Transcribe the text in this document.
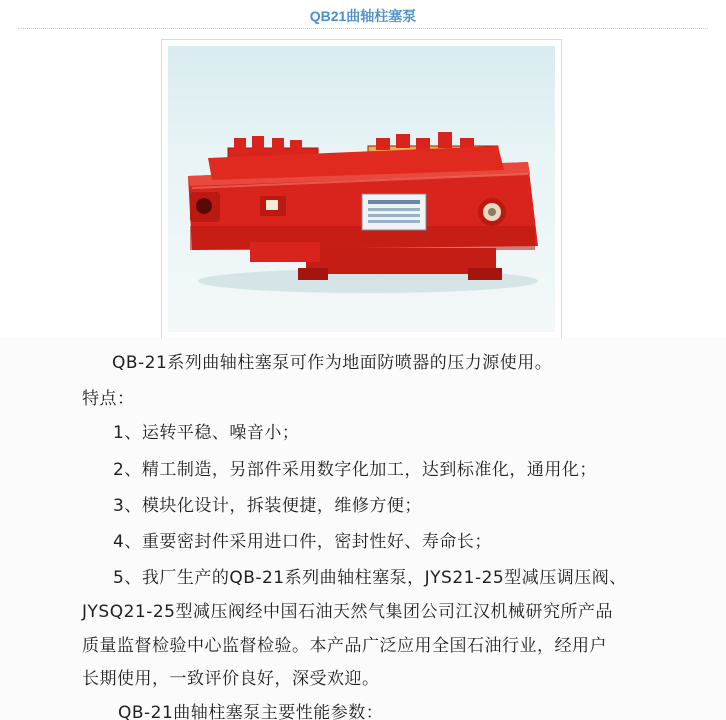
QB21曲轴柱塞泵
QB-21系列曲轴柱塞泵可作为地面防喷器的压力源使用。
特点：
1、运转平稳、噪音小；
2、精工制造，另部件采用数字化加工，达到标准化，通用化；
3、模块化设计，拆装便捷，维修方便；
4、重要密封件采用进口件，密封性好、寿命长；
5、我厂生产的QB-21系列曲轴柱塞泵，JYS21-25型减压调压阀、
JYSQ21-25型减压阀经中国石油天然气集团公司江汉机械研究所产品
质量监督检验中心监督检验。本产品广泛应用全国石油行业，经用户
长期使用，一致评价良好，深受欢迎。
QB-21曲轴柱塞泵主要性能参数：
